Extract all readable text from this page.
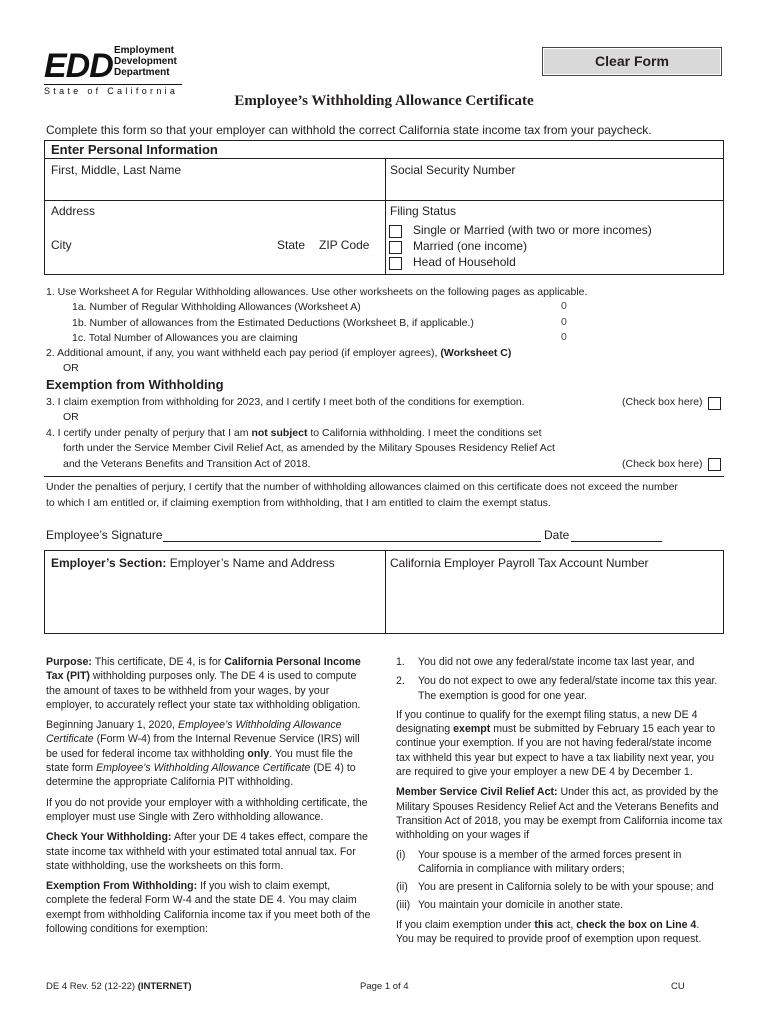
EDD Employment
Development
Department
State of California
Clear Form
Employee’s Withholding Allowance Certificate
Complete this form so that your employer can withhold the correct California state income tax from your paycheck.
Enter Personal Information
First, Middle, Last Name	Social Security Number
Address
City	State ZIP Code
Filing Status
Single or Married (with two or more incomes)
Married (one income)
Head of Household
1. Use Worksheet A for Regular Withholding allowances. Use other worksheets on the following pages as applicable.
1a. Number of Regular Withholding Allowances (Worksheet A)	0
1b. Number of allowances from the Estimated Deductions (Worksheet B, if applicable.)	0
1c. Total Number of Allowances you are claiming	0
2. Additional amount, if any, you want withheld each pay period (if employer agrees), (Worksheet C)
OR
Exemption from Withholding
3. I claim exemption from withholding for 2023, and I certify I meet both of the conditions for exemption.	(Check box here)
OR
4. I certify under penalty of perjury that I am not subject to California withholding. I meet the conditions set
forth under the Service Member Civil Relief Act, as amended by the Military Spouses Residency Relief Act
and the Veterans Benefits and Transition Act of 2018.	(Check box here)
Under the penalties of perjury, I certify that the number of withholding allowances claimed on this certificate does not exceed the number
to which I am entitled or, if claiming exemption from withholding, that I am entitled to claim the exempt status.
Employee’s Signature	Date
Employer’s Section: Employer’s Name and Address	California Employer Payroll Tax Account Number

Purpose: This certificate, DE 4, is for California Personal Income Tax (PIT) withholding purposes only. The DE 4 is used to compute the amount of taxes to be withheld from your wages, by your employer, to accurately reflect your state tax withholding obligation.

Beginning January 1, 2020, Employee’s Withholding Allowance Certificate (Form W-4) from the Internal Revenue Service (IRS) will be used for federal income tax withholding only. You must file the state form Employee’s Withholding Allowance Certificate (DE 4) to determine the appropriate California PIT withholding.

If you do not provide your employer with a withholding certificate, the employer must use Single with Zero withholding allowance.

Check Your Withholding: After your DE 4 takes effect, compare the state income tax withheld with your estimated total annual tax. For state withholding, use the worksheets on this form.

Exemption From Withholding: If you wish to claim exempt, complete the federal Form W-4 and the state DE 4. You may claim exempt from withholding California income tax if you meet both of the following conditions for exemption:

1.	You did not owe any federal/state income tax last year, and

2.	You do not expect to owe any federal/state income tax this year. The exemption is good for one year.

If you continue to qualify for the exempt filing status, a new DE 4 designating exempt must be submitted by February 15 each year to continue your exemption. If you are not having federal/state income tax withheld this year but expect to have a tax liability next year, you are required to give your employer a new DE 4 by December 1.

Member Service Civil Relief Act: Under this act, as provided by the Military Spouses Residency Relief Act and the Veterans Benefits and Transition Act of 2018, you may be exempt from California income tax withholding on your wages if

(i)	Your spouse is a member of the armed forces present in California in compliance with military orders;

(ii) You are present in California solely to be with your spouse; and

(iii) You maintain your domicile in another state.

If you claim exemption under this act, check the box on Line 4.

You may be required to provide proof of exemption upon request.

DE 4 Rev. 52 (12-22) (INTERNET)	Page 1 of 4	CU
